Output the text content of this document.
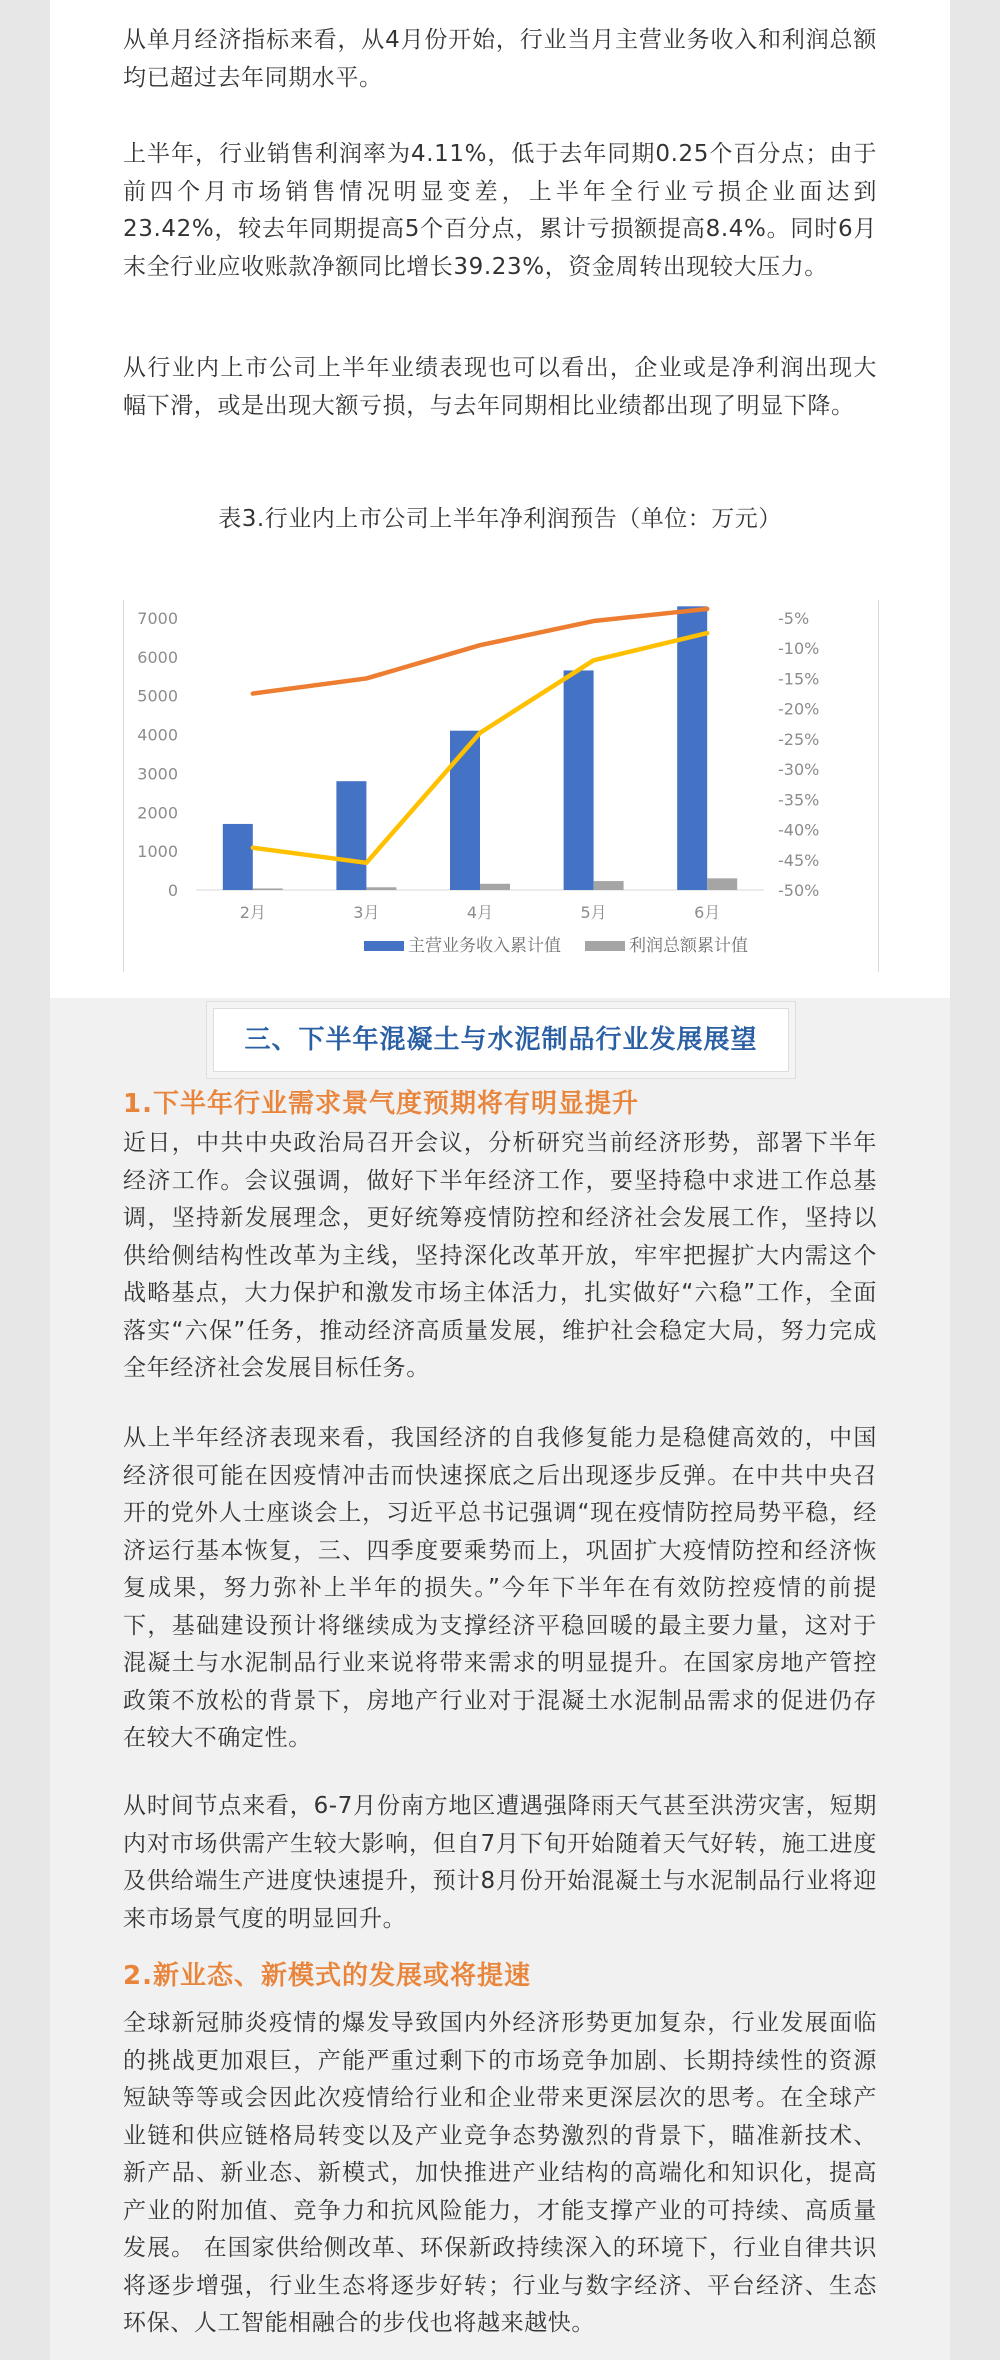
从单月经济指标来看，从4月份开始，行业当月主营业务收入和利润总额均已超过去年同期水平。

上半年，行业销售利润率为4.11%，低于去年同期0.25个百分点；由于前四个月市场销售情况明显变差，上半年全行业亏损企业面达到23.42%，较去年同期提高5个百分点，累计亏损额提高8.4%。同时6月末全行业应收账款净额同比增长39.23%，资金周转出现较大压力。

从行业内上市公司上半年业绩表现也可以看出，企业或是净利润出现大幅下滑，或是出现大额亏损，与去年同期相比业绩都出现了明显下降。

表3.行业内上市公司上半年净利润预告（单位：万元）
0
1000
2000
3000
4000
5000
6000
7000	-5%
-10%
-15%
-20%
-25%
-30%
-35%
-40%
-45%
-50%
2月	3月	4月	5月	6月
主营业务收入累计值	利润总额累计值
三、下半年混凝土与水泥制品行业发展展望
1.下半年行业需求景气度预期将有明显提升

近日，中共中央政治局召开会议，分析研究当前经济形势，部署下半年经济工作。会议强调，做好下半年经济工作，要坚持稳中求进工作总基调，坚持新发展理念，更好统筹疫情防控和经济社会发展工作，坚持以供给侧结构性改革为主线，坚持深化改革开放，牢牢把握扩大内需这个战略基点，大力保护和激发市场主体活力，扎实做好“六稳”工作，全面落实“六保”任务，推动经济高质量发展，维护社会稳定大局，努力完成全年经济社会发展目标任务。

从上半年经济表现来看，我国经济的自我修复能力是稳健高效的，中国经济很可能在因疫情冲击而快速探底之后出现逐步反弹。在中共中央召开的党外人士座谈会上，习近平总书记强调“现在疫情防控局势平稳，经济运行基本恢复，三、四季度要乘势而上，巩固扩大疫情防控和经济恢复成果，努力弥补上半年的损失。”今年下半年在有效防控疫情的前提下，基础建设预计将继续成为支撑经济平稳回暖的最主要力量，这对于混凝土与水泥制品行业来说将带来需求的明显提升。在国家房地产管控政策不放松的背景下，房地产行业对于混凝土水泥制品需求的促进仍存在较大不确定性。

从时间节点来看，6-7月份南方地区遭遇强降雨天气甚至洪涝灾害，短期内对市场供需产生较大影响，但自7月下旬开始随着天气好转，施工进度及供给端生产进度快速提升，预计8月份开始混凝土与水泥制品行业将迎来市场景气度的明显回升。

2.新业态、新模式的发展或将提速

全球新冠肺炎疫情的爆发导致国内外经济形势更加复杂，行业发展面临的挑战更加艰巨，产能严重过剩下的市场竞争加剧、长期持续性的资源短缺等等或会因此次疫情给行业和企业带来更深层次的思考。在全球产业链和供应链格局转变以及产业竞争态势激烈的背景下，瞄准新技术、新产品、新业态、新模式，加快推进产业结构的高端化和知识化，提高产业的附加值、竞争力和抗风险能力，才能支撑产业的可持续、高质量发展。 在国家供给侧改革、环保新政持续深入的环境下，行业自律共识将逐步增强，行业生态将逐步好转；行业与数字经济、平台经济、生态环保、人工智能相融合的步伐也将越来越快。
